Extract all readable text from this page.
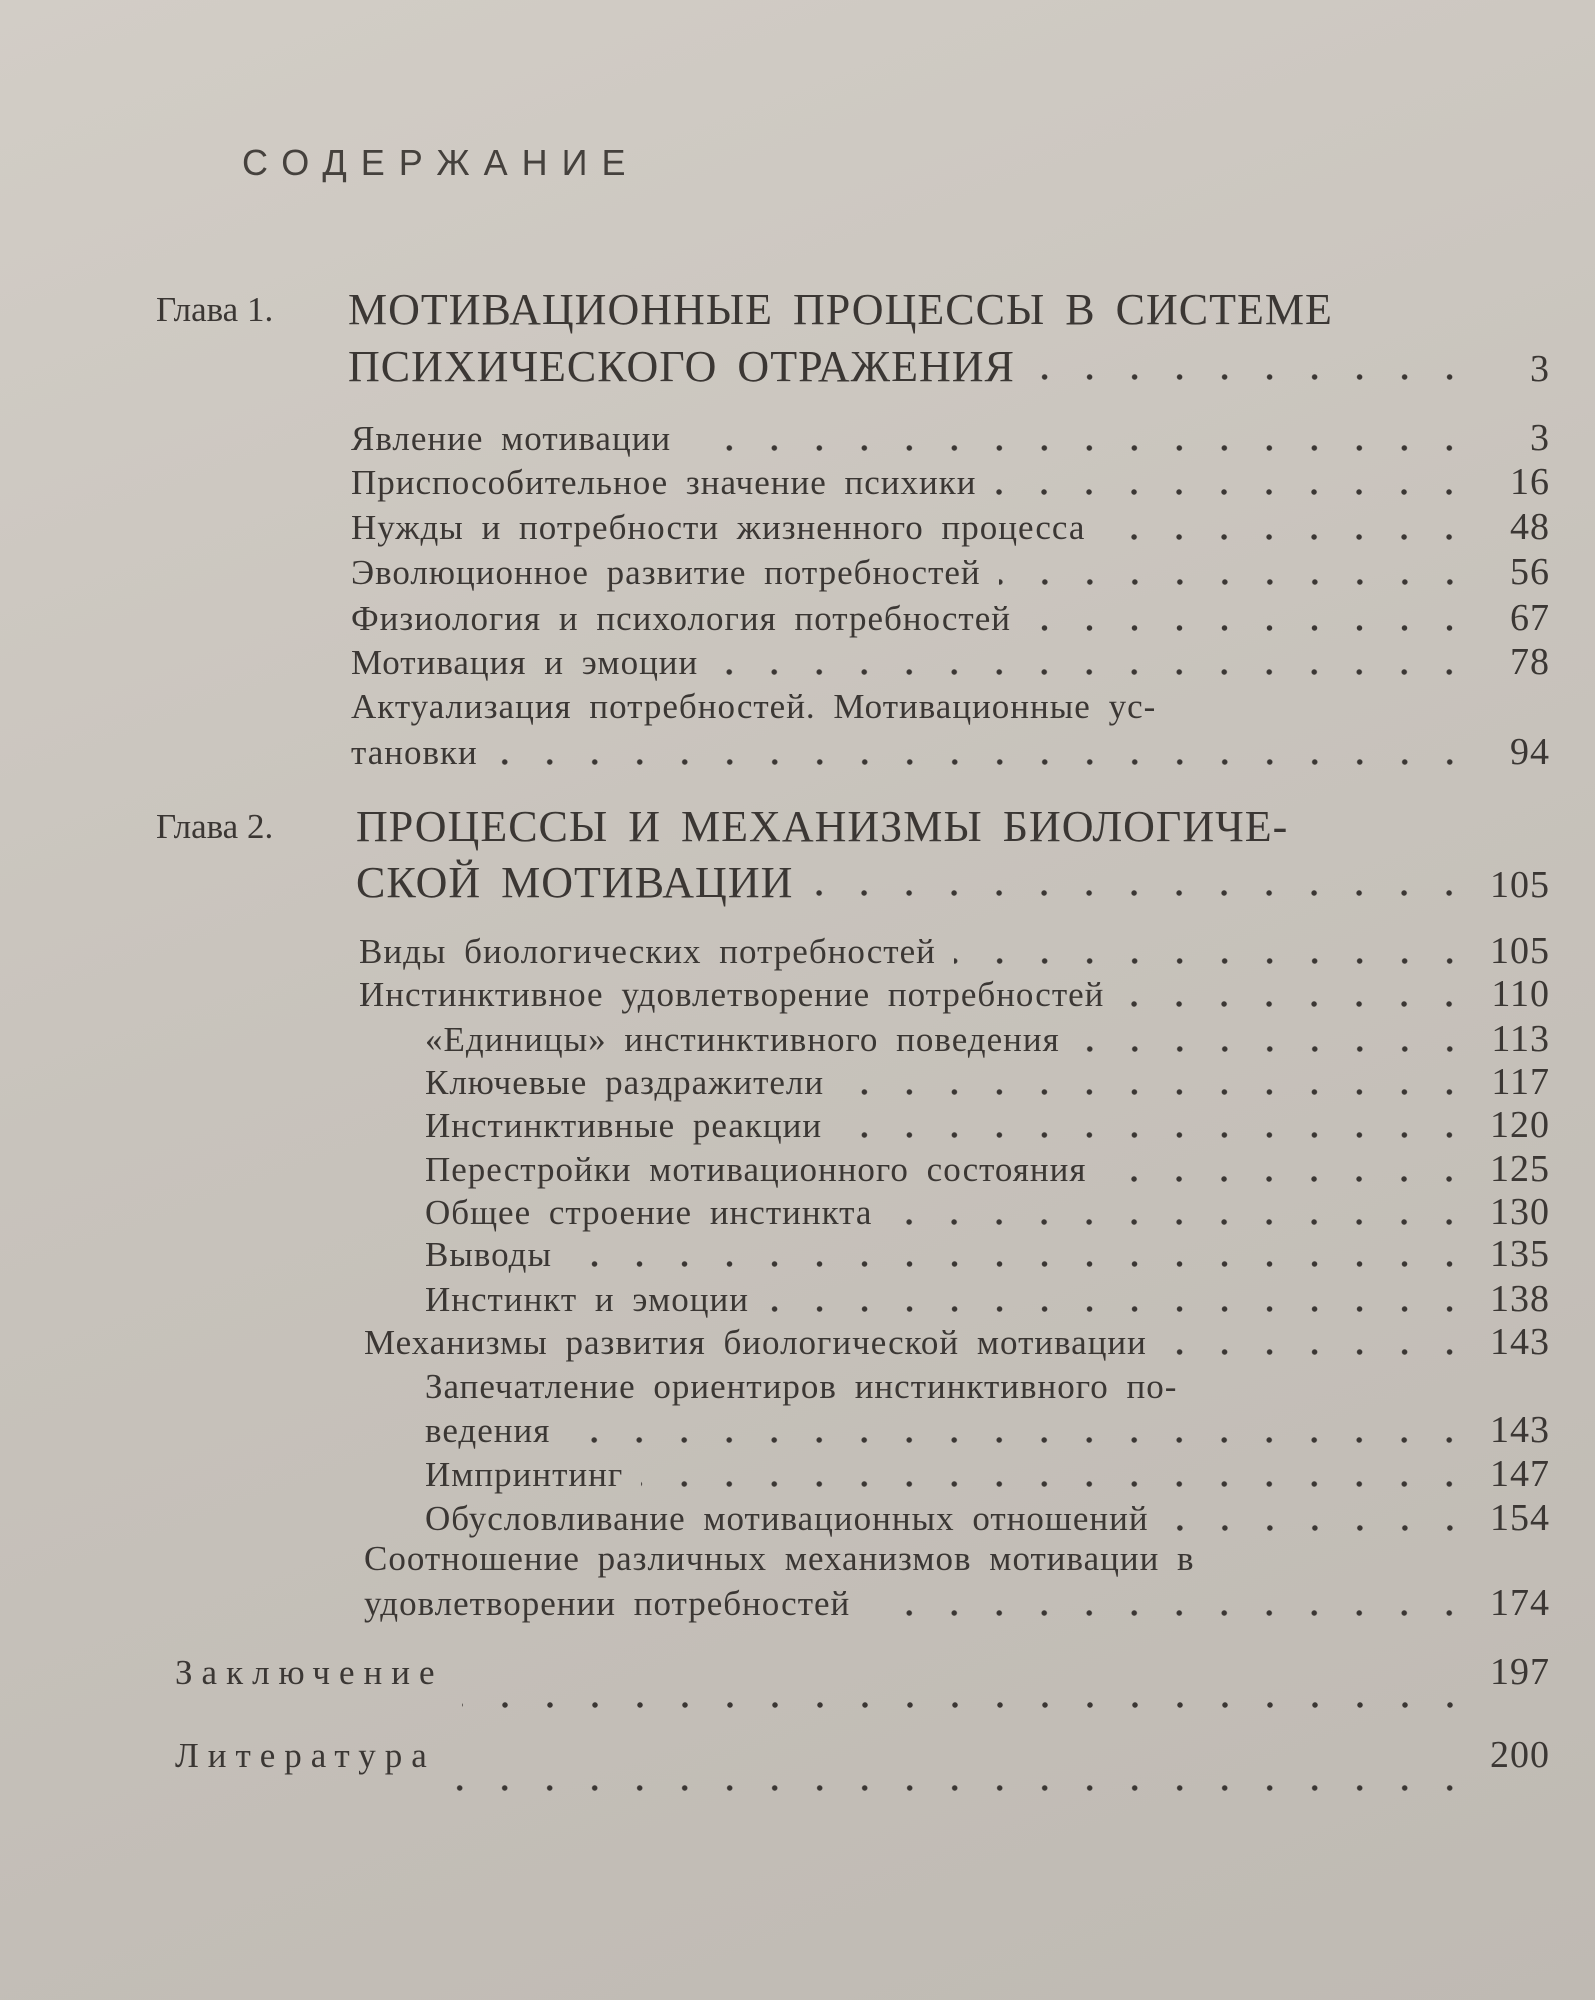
СОДЕРЖАНИЕ
Глава 1. МОТИВАЦИОННЫЕ ПРОЦЕССЫ В СИСТЕМЕ
ПСИХИЧЕСКОГО ОТРАЖЕНИЯ	3
Явление мотивации	3
Приспособительное значение психики	16
Нужды и потребности жизненного процесса	48
Эволюционное развитие потребностей	56
Физиология и психология потребностей	67
Мотивация и эмоции	78
Актуализация потребностей. Мотивационные ус-
тановки	94
Глава 2. ПРОЦЕССЫ И МЕХАНИЗМЫ БИОЛОГИЧЕ-
СКОЙ МОТИВАЦИИ	105
Виды биологических потребностей	105
Инстинктивное удовлетворение потребностей	110
«Единицы» инстинктивного поведения	113
Ключевые раздражители	117
Инстинктивные реакции	120
Перестройки мотивационного состояния	125
Общее строение инстинкта	130
Выводы	135
Инстинкт и эмоции	138
Механизмы развития биологической мотивации	143
Запечатление ориентиров инстинктивного по-
ведения	143
Импринтинг	147
Обусловливание мотивационных отношений	154
Соотношение различных механизмов мотивации в
удовлетворении потребностей	174
Заключение	197
Литература	200
